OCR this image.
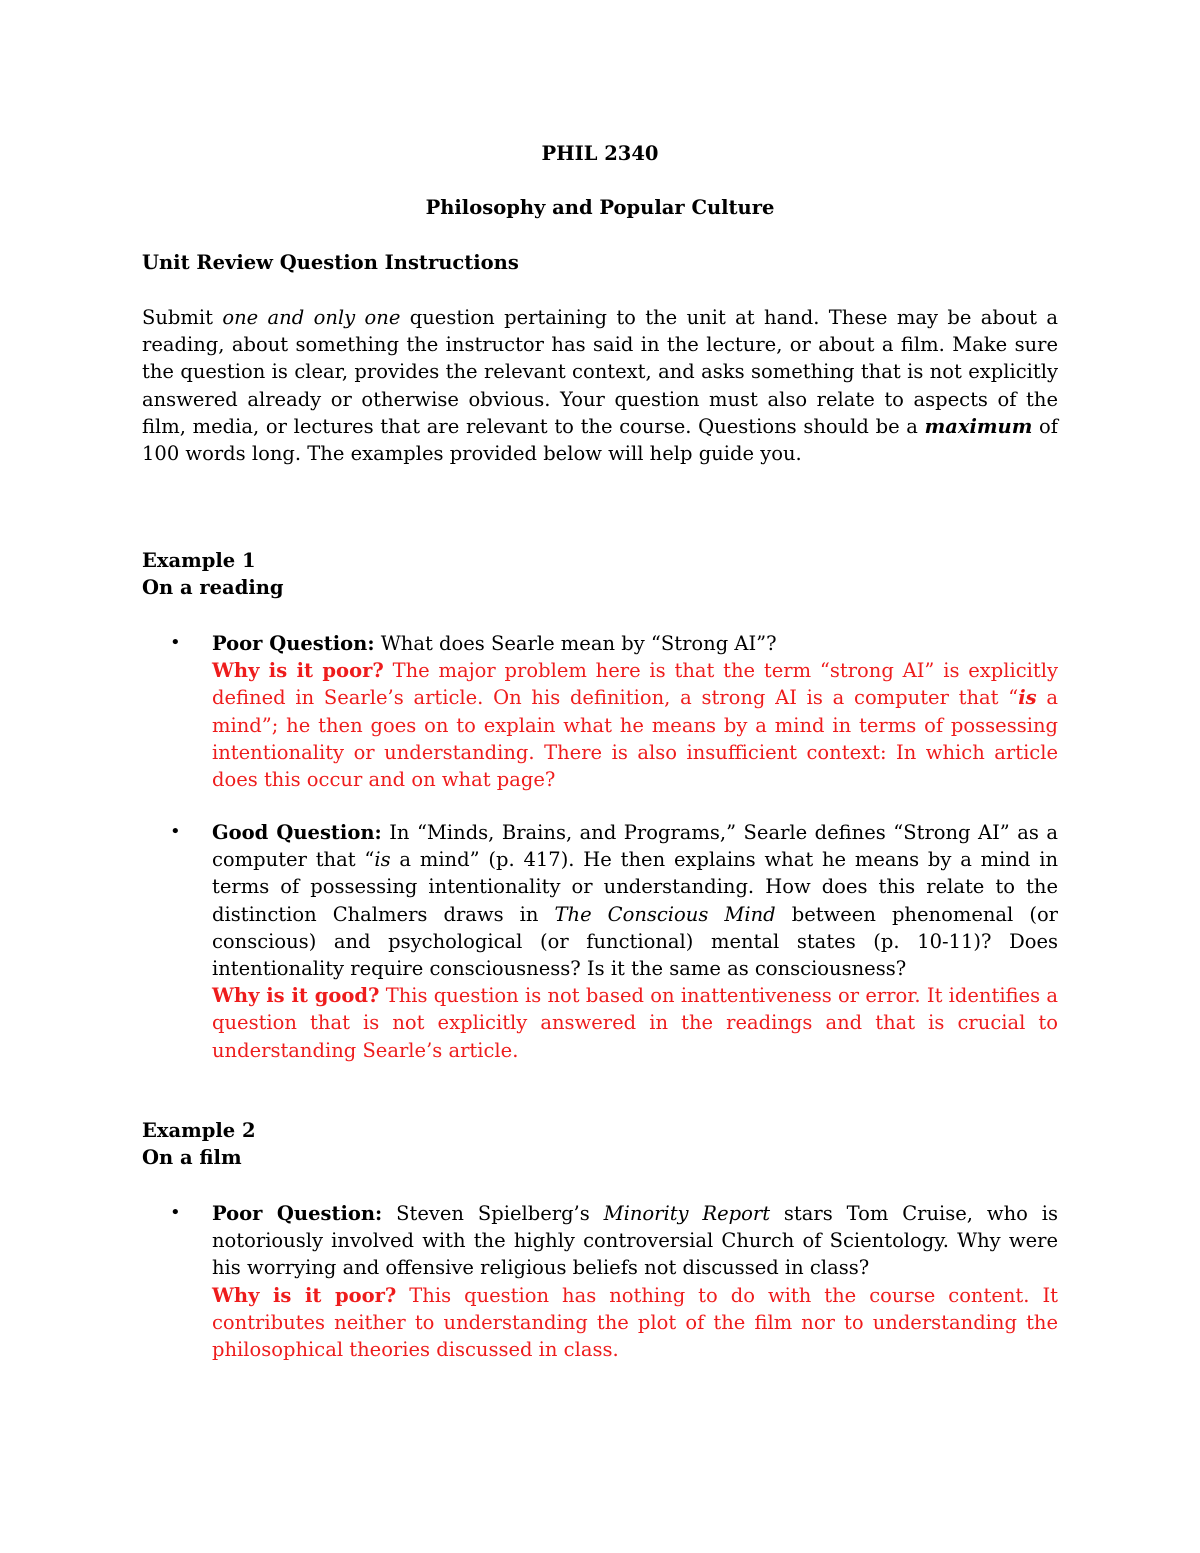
PHIL 2340
Philosophy and Popular Culture
Unit Review Question Instructions
Submit one and only one question pertaining to the unit at hand. These may be about a reading, about something the instructor has said in the lecture, or about a film. Make sure the question is clear, provides the relevant context, and asks something that is not explicitly answered already or otherwise obvious. Your question must also relate to aspects of the film, media, or lectures that are relevant to the course. Questions should be a maximum of 100 words long. The examples provided below will help guide you.
Example 1
On a reading
• Poor Question: What does Searle mean by “Strong AI”?
Why is it poor? The major problem here is that the term “strong AI” is explicitly defined in Searle’s article. On his definition, a strong AI is a computer that “is a mind”; he then goes on to explain what he means by a mind in terms of possessing intentionality or understanding. There is also insufficient context: In which article does this occur and on what page?
• Good Question: In “Minds, Brains, and Programs,” Searle defines “Strong AI” as a computer that “is a mind” (p. 417). He then explains what he means by a mind in terms of possessing intentionality or understanding. How does this relate to the distinction Chalmers draws in The Conscious Mind between phenomenal (or conscious) and psychological (or functional) mental states (p. 10-11)? Does intentionality require consciousness? Is it the same as consciousness?
Why is it good? This question is not based on inattentiveness or error. It identifies a question that is not explicitly answered in the readings and that is crucial to understanding Searle’s article.
Example 2
On a film
• Poor Question: Steven Spielberg’s Minority Report stars Tom Cruise, who is notoriously involved with the highly controversial Church of Scientology. Why were his worrying and offensive religious beliefs not discussed in class?
Why is it poor? This question has nothing to do with the course content. It contributes neither to understanding the plot of the film nor to understanding the philosophical theories discussed in class.
